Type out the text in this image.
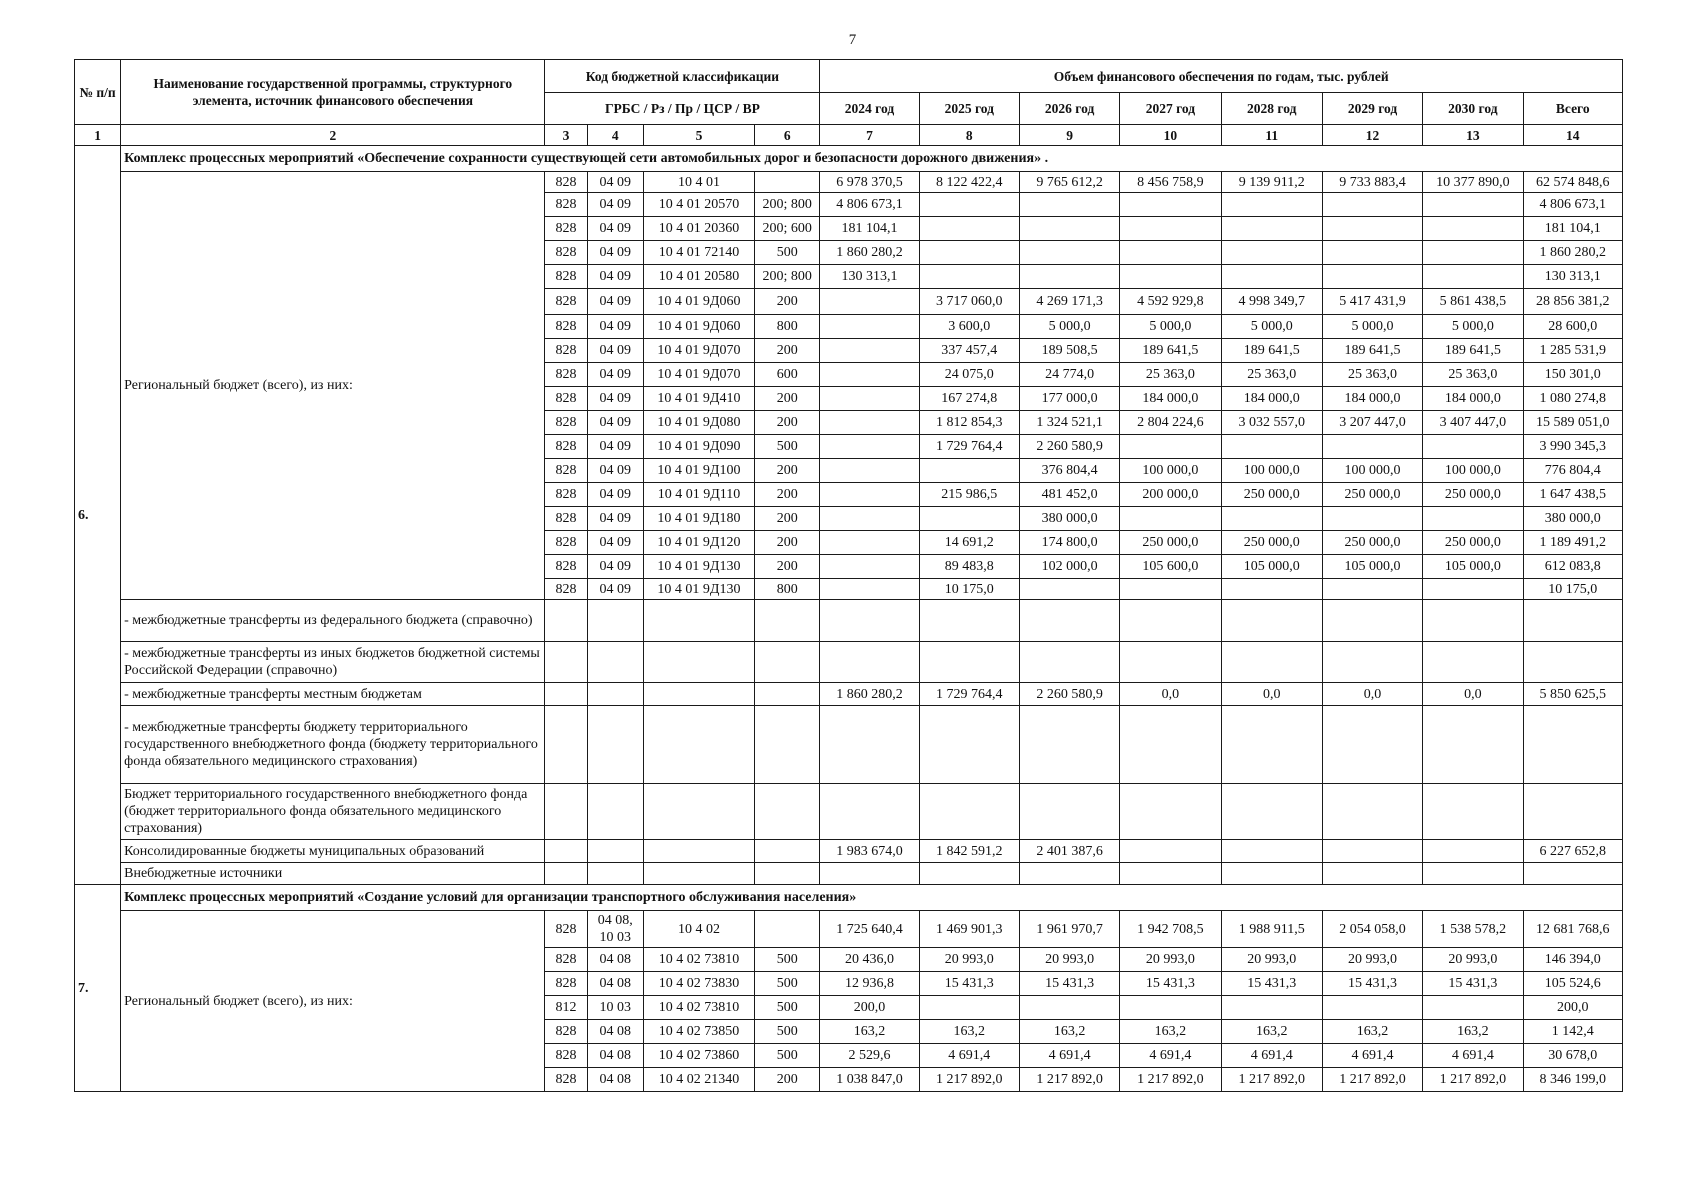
7
№ п/п	Наименование государственной программы, структурного элемента, источник финансового обеспечения	Код бюджетной классификации				Объем финансового обеспечения по годам, тыс. рублей							
		ГРБС / Рз / Пр / ЦСР / ВР				2024 год	2025 год	2026 год	2027 год	2028 год	2029 год	2030 год	Всего
1	2	3	4	5	6	7	8	9	10	11	12	13	14
6.	Комплекс процессных мероприятий «Обеспечение сохранности существующей сети автомобильных дорог и безопасности дорожного движения» .												
	Региональный бюджет (всего), из них:	828	04 09	10 4 01		6 978 370,5	8 122 422,4	9 765 612,2	8 456 758,9	9 139 911,2	9 733 883,4	10 377 890,0	62 574 848,6
		828	04 09	10 4 01 20570	200; 800	4 806 673,1							4 806 673,1
		828	04 09	10 4 01 20360	200; 600	181 104,1							181 104,1
		828	04 09	10 4 01 72140	500	1 860 280,2							1 860 280,2
		828	04 09	10 4 01 20580	200; 800	130 313,1							130 313,1
		828	04 09	10 4 01 9Д060	200		3 717 060,0	4 269 171,3	4 592 929,8	4 998 349,7	5 417 431,9	5 861 438,5	28 856 381,2
		828	04 09	10 4 01 9Д060	800		3 600,0	5 000,0	5 000,0	5 000,0	5 000,0	5 000,0	28 600,0
		828	04 09	10 4 01 9Д070	200		337 457,4	189 508,5	189 641,5	189 641,5	189 641,5	189 641,5	1 285 531,9
		828	04 09	10 4 01 9Д070	600		24 075,0	24 774,0	25 363,0	25 363,0	25 363,0	25 363,0	150 301,0
		828	04 09	10 4 01 9Д410	200		167 274,8	177 000,0	184 000,0	184 000,0	184 000,0	184 000,0	1 080 274,8
		828	04 09	10 4 01 9Д080	200		1 812 854,3	1 324 521,1	2 804 224,6	3 032 557,0	3 207 447,0	3 407 447,0	15 589 051,0
		828	04 09	10 4 01 9Д090	500		1 729 764,4	2 260 580,9					3 990 345,3
		828	04 09	10 4 01 9Д100	200			376 804,4	100 000,0	100 000,0	100 000,0	100 000,0	776 804,4
		828	04 09	10 4 01 9Д110	200		215 986,5	481 452,0	200 000,0	250 000,0	250 000,0	250 000,0	1 647 438,5
		828	04 09	10 4 01 9Д180	200			380 000,0					380 000,0
		828	04 09	10 4 01 9Д120	200		14 691,2	174 800,0	250 000,0	250 000,0	250 000,0	250 000,0	1 189 491,2
		828	04 09	10 4 01 9Д130	200		89 483,8	102 000,0	105 600,0	105 000,0	105 000,0	105 000,0	612 083,8
		828	04 09	10 4 01 9Д130	800		10 175,0						10 175,0
	- межбюджетные трансферты из федерального бюджета (справочно)												
	- межбюджетные трансферты из иных бюджетов бюджетной системы Российской Федерации (справочно)												
	- межбюджетные трансферты местным бюджетам					1 860 280,2	1 729 764,4	2 260 580,9	0,0	0,0	0,0	0,0	5 850 625,5
	- межбюджетные трансферты бюджету территориального государственного внебюджетного фонда (бюджету территориального фонда обязательного медицинского страхования)												
	Бюджет территориального государственного внебюджетного фонда (бюджет территориального фонда обязательного медицинского страхования)												
	Консолидированные бюджеты муниципальных образований					1 983 674,0	1 842 591,2	2 401 387,6					6 227 652,8
	Внебюджетные источники												
7.	Комплекс процессных мероприятий «Создание условий для организации транспортного обслуживания населения»												
	Региональный бюджет (всего), из них:	828	04 08, 10 03	10 4 02		1 725 640,4	1 469 901,3	1 961 970,7	1 942 708,5	1 988 911,5	2 054 058,0	1 538 578,2	12 681 768,6
		828	04 08	10 4 02 73810	500	20 436,0	20 993,0	20 993,0	20 993,0	20 993,0	20 993,0	20 993,0	146 394,0
		828	04 08	10 4 02 73830	500	12 936,8	15 431,3	15 431,3	15 431,3	15 431,3	15 431,3	15 431,3	105 524,6
		812	10 03	10 4 02 73810	500	200,0							200,0
		828	04 08	10 4 02 73850	500	163,2	163,2	163,2	163,2	163,2	163,2	163,2	1 142,4
		828	04 08	10 4 02 73860	500	2 529,6	4 691,4	4 691,4	4 691,4	4 691,4	4 691,4	4 691,4	30 678,0
		828	04 08	10 4 02 21340	200	1 038 847,0	1 217 892,0	1 217 892,0	1 217 892,0	1 217 892,0	1 217 892,0	1 217 892,0	8 346 199,0
